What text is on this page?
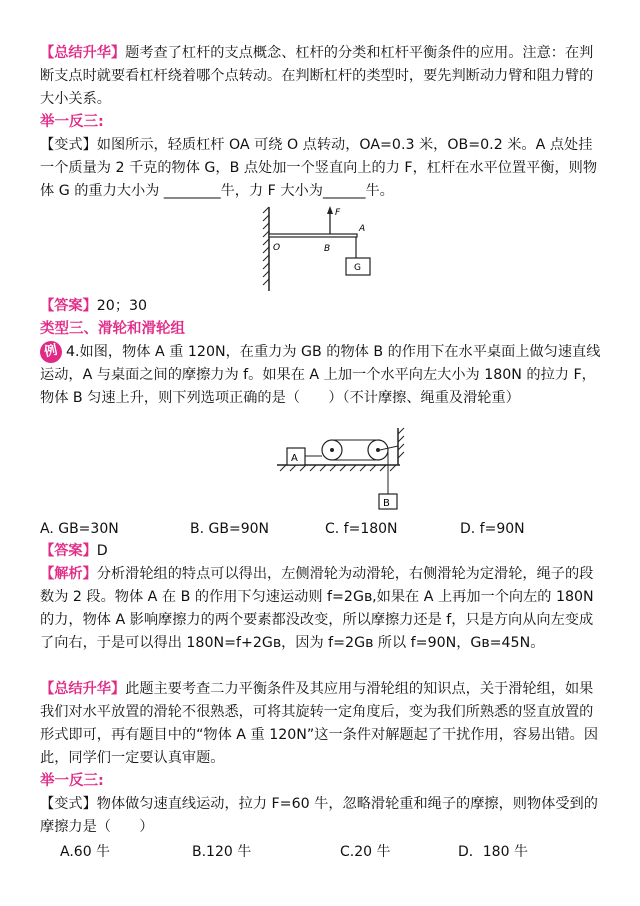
【总结升华】题考查了杠杆的支点概念、杠杆的分类和杠杆平衡条件的应用。注意：在判断支点时就要看杠杆绕着哪个点转动。在判断杠杆的类型时，要先判断动力臂和阻力臂的大小关系。

举一反三:

【变式】如图所示，轻质杠杆 OA 可绕 O 点转动，OA=0.3 米，OB=0.2 米。A 点处挂一个质量为 2 千克的物体 G，B 点处加一个竖直向上的力 F，杠杆在水平位置平衡，则物体 G 的重力大小为 ________牛，力 F 大小为______牛。

O	B
A
F
G

【答案】20；30

类型三、滑轮和滑轮组

例 4.如图，物体 A 重 120N，在重力为 GB 的物体 B 的作用下在水平桌面上做匀速直线运动，A 与桌面之间的摩擦力为 f。如果在 A 上加一个水平向左大小为 180N 的拉力 F，物体 B 匀速上升，则下列选项正确的是（　　）（不计摩擦、绳重及滑轮重）

A
B
A. GB=30N	B. GB=90N	C. f=180N	D. f=90N

【答案】D

【解析】分析滑轮组的特点可以得出，左侧滑轮为动滑轮，右侧滑轮为定滑轮，绳子的段数为 2 段。物体 A 在 B 的作用下匀速运动则 f=2Gʙ,如果在 A 上再加一个向左的 180N 的力，物体 A 影响摩擦力的两个要素都没改变，所以摩擦力还是 f，只是方向从向左变成了向右，于是可以得出 180N=f+2Gʙ，因为 f=2Gʙ 所以 f=90N，Gʙ=45N。

【总结升华】此题主要考查二力平衡条件及其应用与滑轮组的知识点，关于滑轮组，如果我们对水平放置的滑轮不很熟悉，可将其旋转一定角度后，变为我们所熟悉的竖直放置的形式即可，再有题目中的“物体 A 重 120N”这一条件对解题起了干扰作用，容易出错。因此，同学们一定要认真审题。

举一反三:

【变式】物体做匀速直线运动，拉力 F=60 牛，忽略滑轮重和绳子的摩擦，则物体受到的摩擦力是（　　）

A.60 牛	B.120 牛	C.20 牛	D．180 牛
